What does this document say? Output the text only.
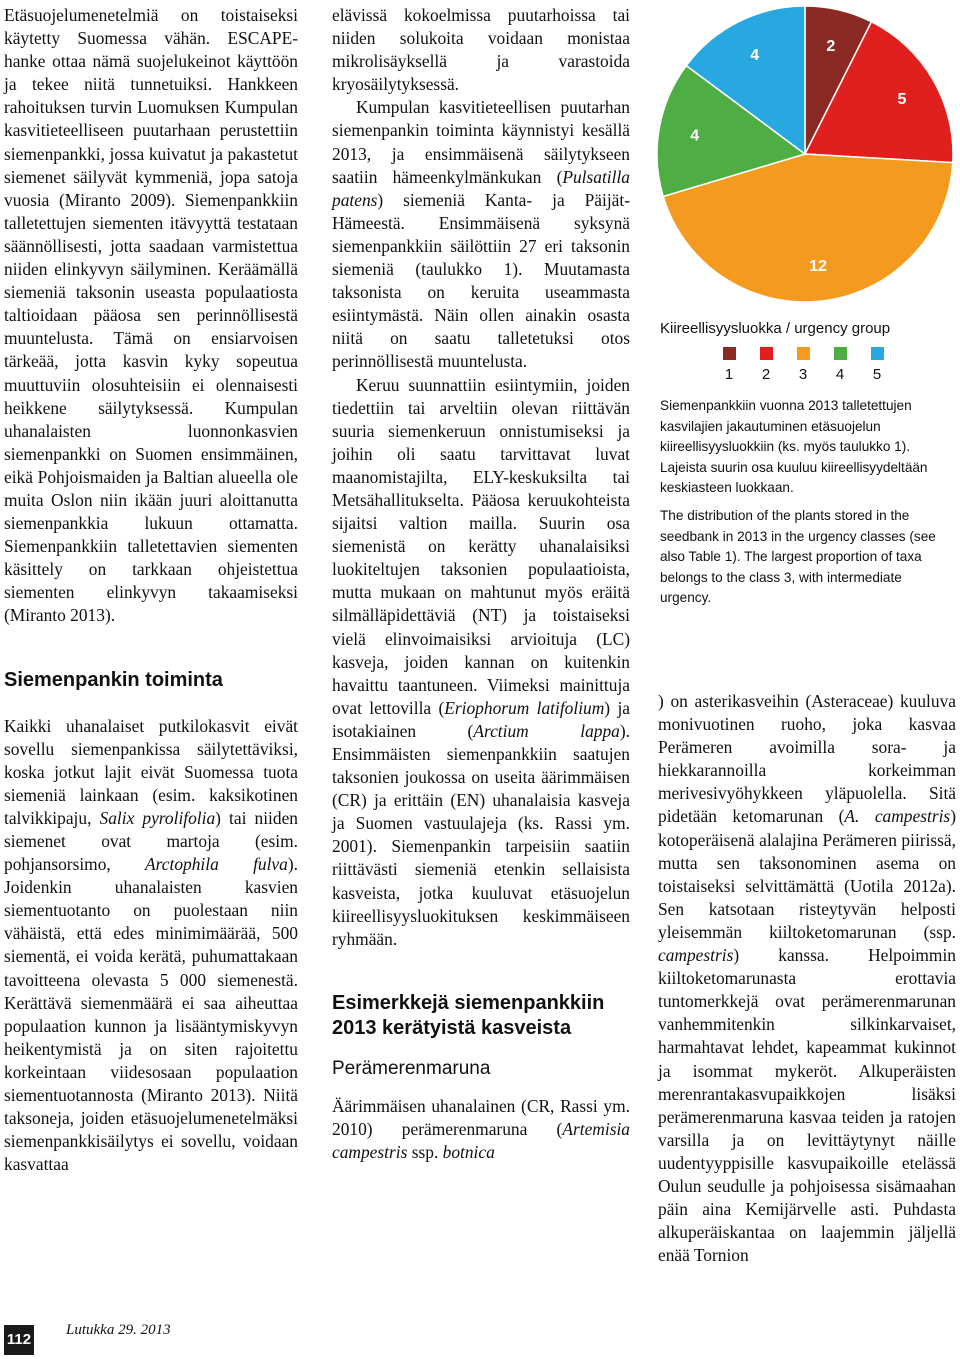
Etäsuojelumenetelmiä on toistaiseksi käytetty Suomessa vähän. ESCAPE-hanke ottaa nämä suojelukeinot käyttöön ja tekee niitä tunnetuiksi. Hankkeen rahoituksen turvin Luomuksen Kumpulan kasvitieteelliseen puutarhaan perustettiin siemenpankki, jossa kuivatut ja pakastetut siemenet säilyvät kymmeniä, jopa satoja vuosia (Miranto 2009). Siemenpankkiin talletettujen siementen itävyyttä testataan säännöllisesti, jotta saadaan varmistettua niiden elinkyvyn säilyminen. Keräämällä siemeniä taksonin useasta populaatiosta taltioidaan pääosa sen perinnöllisestä muuntelusta. Tämä on ensiarvoisen tärkeää, jotta kasvin kyky sopeutua muuttuviin olosuhteisiin ei olennaisesti heikkene säilytyksessä. Kumpulan uhanalaisten luonnonkasvien siemenpankki on Suomen ensimmäinen, eikä Pohjoismaiden ja Baltian alueella ole muita Oslon niin ikään juuri aloittanutta siemenpankkia lukuun ottamatta. Siemenpankkiin talletettavien siementen käsittely on tarkkaan ohjeistettua siementen elinkyvyn takaamiseksi (Miranto 2013).

Siemenpankin toiminta

Kaikki uhanalaiset putkilokasvit eivät sovellu siemenpankissa säilytettäviksi, koska jotkut lajit eivät Suomessa tuota siemeniä lainkaan (esim. kaksikotinen talvikkipaju, Salix pyrolifolia) tai niiden siemenet ovat martoja (esim. pohjansorsimo, Arctophila fulva). Joidenkin uhanalaisten kasvien siementuotanto on puolestaan niin vähäistä, että edes minimimäärää, 500 siementä, ei voida kerätä, puhumattakaan tavoitteena olevasta 5 000 siemenestä. Kerättävä siemenmäärä ei saa aiheuttaa populaation kunnon ja lisääntymiskyvyn heikentymistä ja on siten rajoitettu korkeintaan viidesosaan populaation siementuotannosta (Miranto 2013). Niitä taksoneja, joiden etäsuojelumenetelmäksi siemenpankkisäilytys ei sovellu, voidaan kasvattaa

elävissä kokoelmissa puutarhoissa tai niiden solukoita voidaan monistaa mikrolisäyksellä ja varastoida kryosäilytyksessä.

Kumpulan kasvitieteellisen puutarhan siemenpankin toiminta käynnistyi kesällä 2013, ja ensimmäisenä säilytykseen saatiin hämeenkylmänkukan (Pulsatilla patens) siemeniä Kanta- ja Päijät-Hämeestä. Ensimmäisenä syksynä siemenpankkiin säilöttiin 27 eri taksonin siemeniä (taulukko 1). Muutamasta taksonista on keruita useammasta esiintymästä. Näin ollen ainakin osasta niitä on saatu talletetuksi otos perinnöllisestä muuntelusta.

Keruu suunnattiin esiintymiin, joiden tiedettiin tai arveltiin olevan riittävän suuria siemenkeruun onnistumiseksi ja joihin oli saatu tarvittavat luvat maanomistajilta, ELY-keskuksilta tai Metsähallitukselta. Pääosa keruukohteista sijaitsi valtion mailla. Suurin osa siemenistä on kerätty uhanalaisiksi luokiteltujen taksonien populaatioista, mutta mukaan on mahtunut myös eräitä silmälläpidettäviä (NT) ja toistaiseksi vielä elinvoimaisiksi arvioituja (LC) kasveja, joiden kannan on kuitenkin havaittu taantuneen. Viimeksi mainittuja ovat lettovilla (Eriophorum latifolium) ja isotakiainen (Arctium lappa). Ensimmäisten siemenpankkiin saatujen taksonien joukossa on useita äärimmäisen (CR) ja erittäin (EN) uhanalaisia kasveja ja Suomen vastuulajeja (ks. Rassi ym. 2001). Siemenpankin tarpeisiin saatiin riittävästi siemeniä etenkin sellaisista kasveista, jotka kuuluvat etäsuojelun kiireellisyysluokituksen keskimmäiseen ryhmään.

Esimerkkejä siemenpankkiin 2013 kerätyistä kasveista

Perämerenmaruna

Äärimmäisen uhanalainen (CR, Rassi ym. 2010) perämerenmaruna (Artemisia campestris ssp. botnica

) on asterikasveihin (Asteraceae) kuuluva monivuotinen ruoho, joka kasvaa Perämeren avoimilla sora- ja hiekkarannoilla korkeimman merivesivyöhykkeen yläpuolella. Sitä pidetään ketomarunan (A. campestris) kotoperäisenä alalajina Perämeren piirissä, mutta sen taksonominen asema on toistaiseksi selvittämättä (Uotila 2012a). Sen katsotaan risteytyvän helposti yleisemmän kiiltoketomarunan (ssp. campestris) kanssa. Helpoimmin kiiltoketomarunasta erottavia tuntomerkkejä ovat perämerenmarunan vanhemmitenkin silkinkarvaiset, harmahtavat lehdet, kapeammat kukinnot ja isommat mykeröt. Alkuperäisten merenrantakasvupaikkojen lisäksi perämerenmaruna kasvaa teiden ja ratojen varsilla ja on levittäytynyt näille uudentyyppisille kasvupaikoille etelässä Oulun seudulle ja pohjoisessa sisämaahan päin aina Kemijärvelle asti. Puhdasta alkuperäiskantaa on laajemmin jäljellä enää Tornion

2
5
12
4
4
Kiireellisyysluokka / urgency group
1 2 3 4 5

Siemenpankkiin vuonna 2013 talletettujen kasvilajien jakautuminen etäsuojelun kiireellisyysluokkiin (ks. myös taulukko 1). Lajeista suurin osa kuuluu kiireellisyydeltään keskiasteen luokkaan.

The distribution of the plants stored in the seedbank in 2013 in the urgency classes (see also Table 1). The largest proportion of taxa belongs to the class 3, with intermediate urgency.

112
Lutukka 29. 2013
